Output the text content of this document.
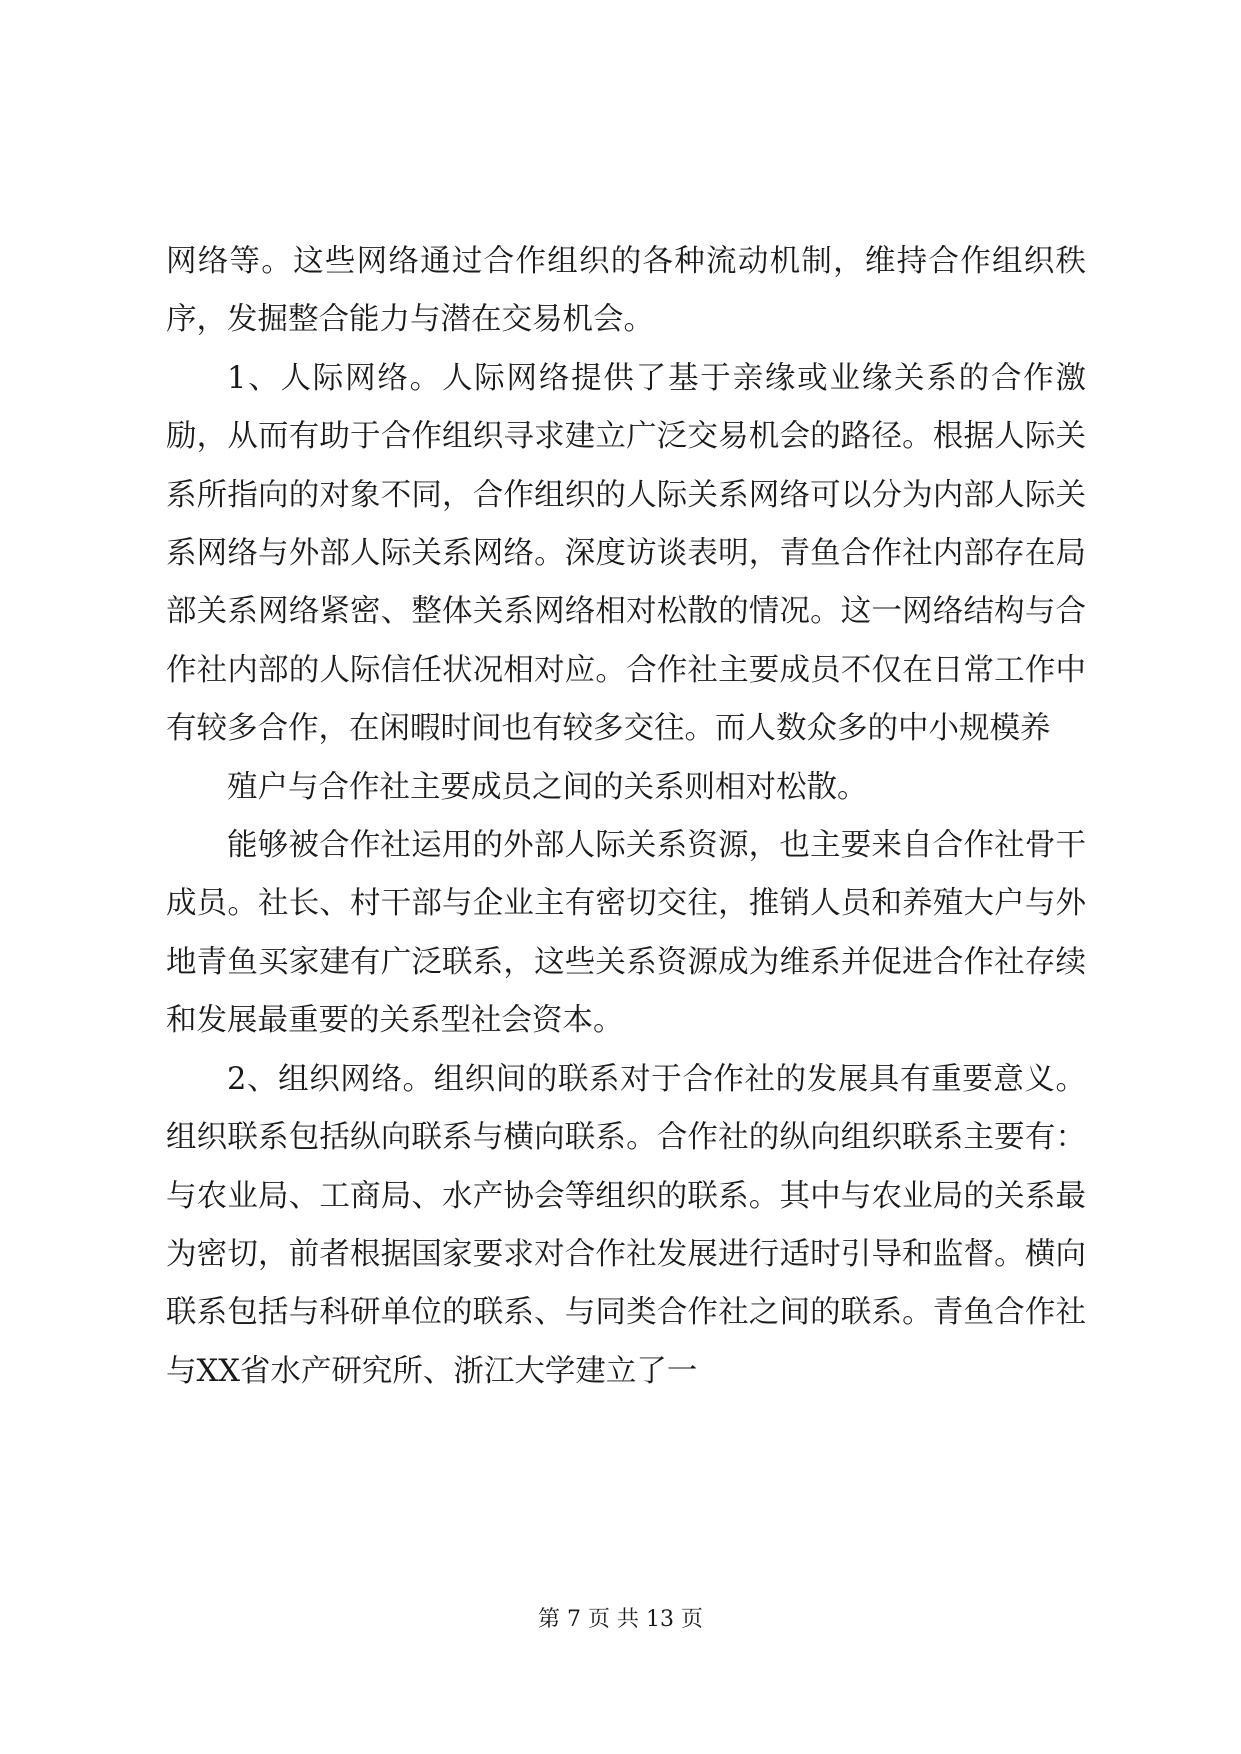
网络等。这些网络通过合作组织的各种流动机制，维持合作组织秩序，发掘整合能力与潜在交易机会。

1、人际网络。人际网络提供了基于亲缘或业缘关系的合作激励，从而有助于合作组织寻求建立广泛交易机会的路径。根据人际关系所指向的对象不同，合作组织的人际关系网络可以分为内部人际关系网络与外部人际关系网络。深度访谈表明，青鱼合作社内部存在局部关系网络紧密、整体关系网络相对松散的情况。这一网络结构与合作社内部的人际信任状况相对应。合作社主要成员不仅在日常工作中有较多合作，在闲暇时间也有较多交往。而人数众多的中小规模养

殖户与合作社主要成员之间的关系则相对松散。

能够被合作社运用的外部人际关系资源，也主要来自合作社骨干成员。社长、村干部与企业主有密切交往，推销人员和养殖大户与外地青鱼买家建有广泛联系，这些关系资源成为维系并促进合作社存续和发展最重要的关系型社会资本。

2、组织网络。组织间的联系对于合作社的发展具有重要意义。组织联系包括纵向联系与横向联系。合作社的纵向组织联系主要有：与农业局、工商局、水产协会等组织的联系。其中与农业局的关系最为密切，前者根据国家要求对合作社发展进行适时引导和监督。横向联系包括与科研单位的联系、与同类合作社之间的联系。青鱼合作社与XX省水产研究所、浙江大学建立了一

第 7 页 共 13 页
